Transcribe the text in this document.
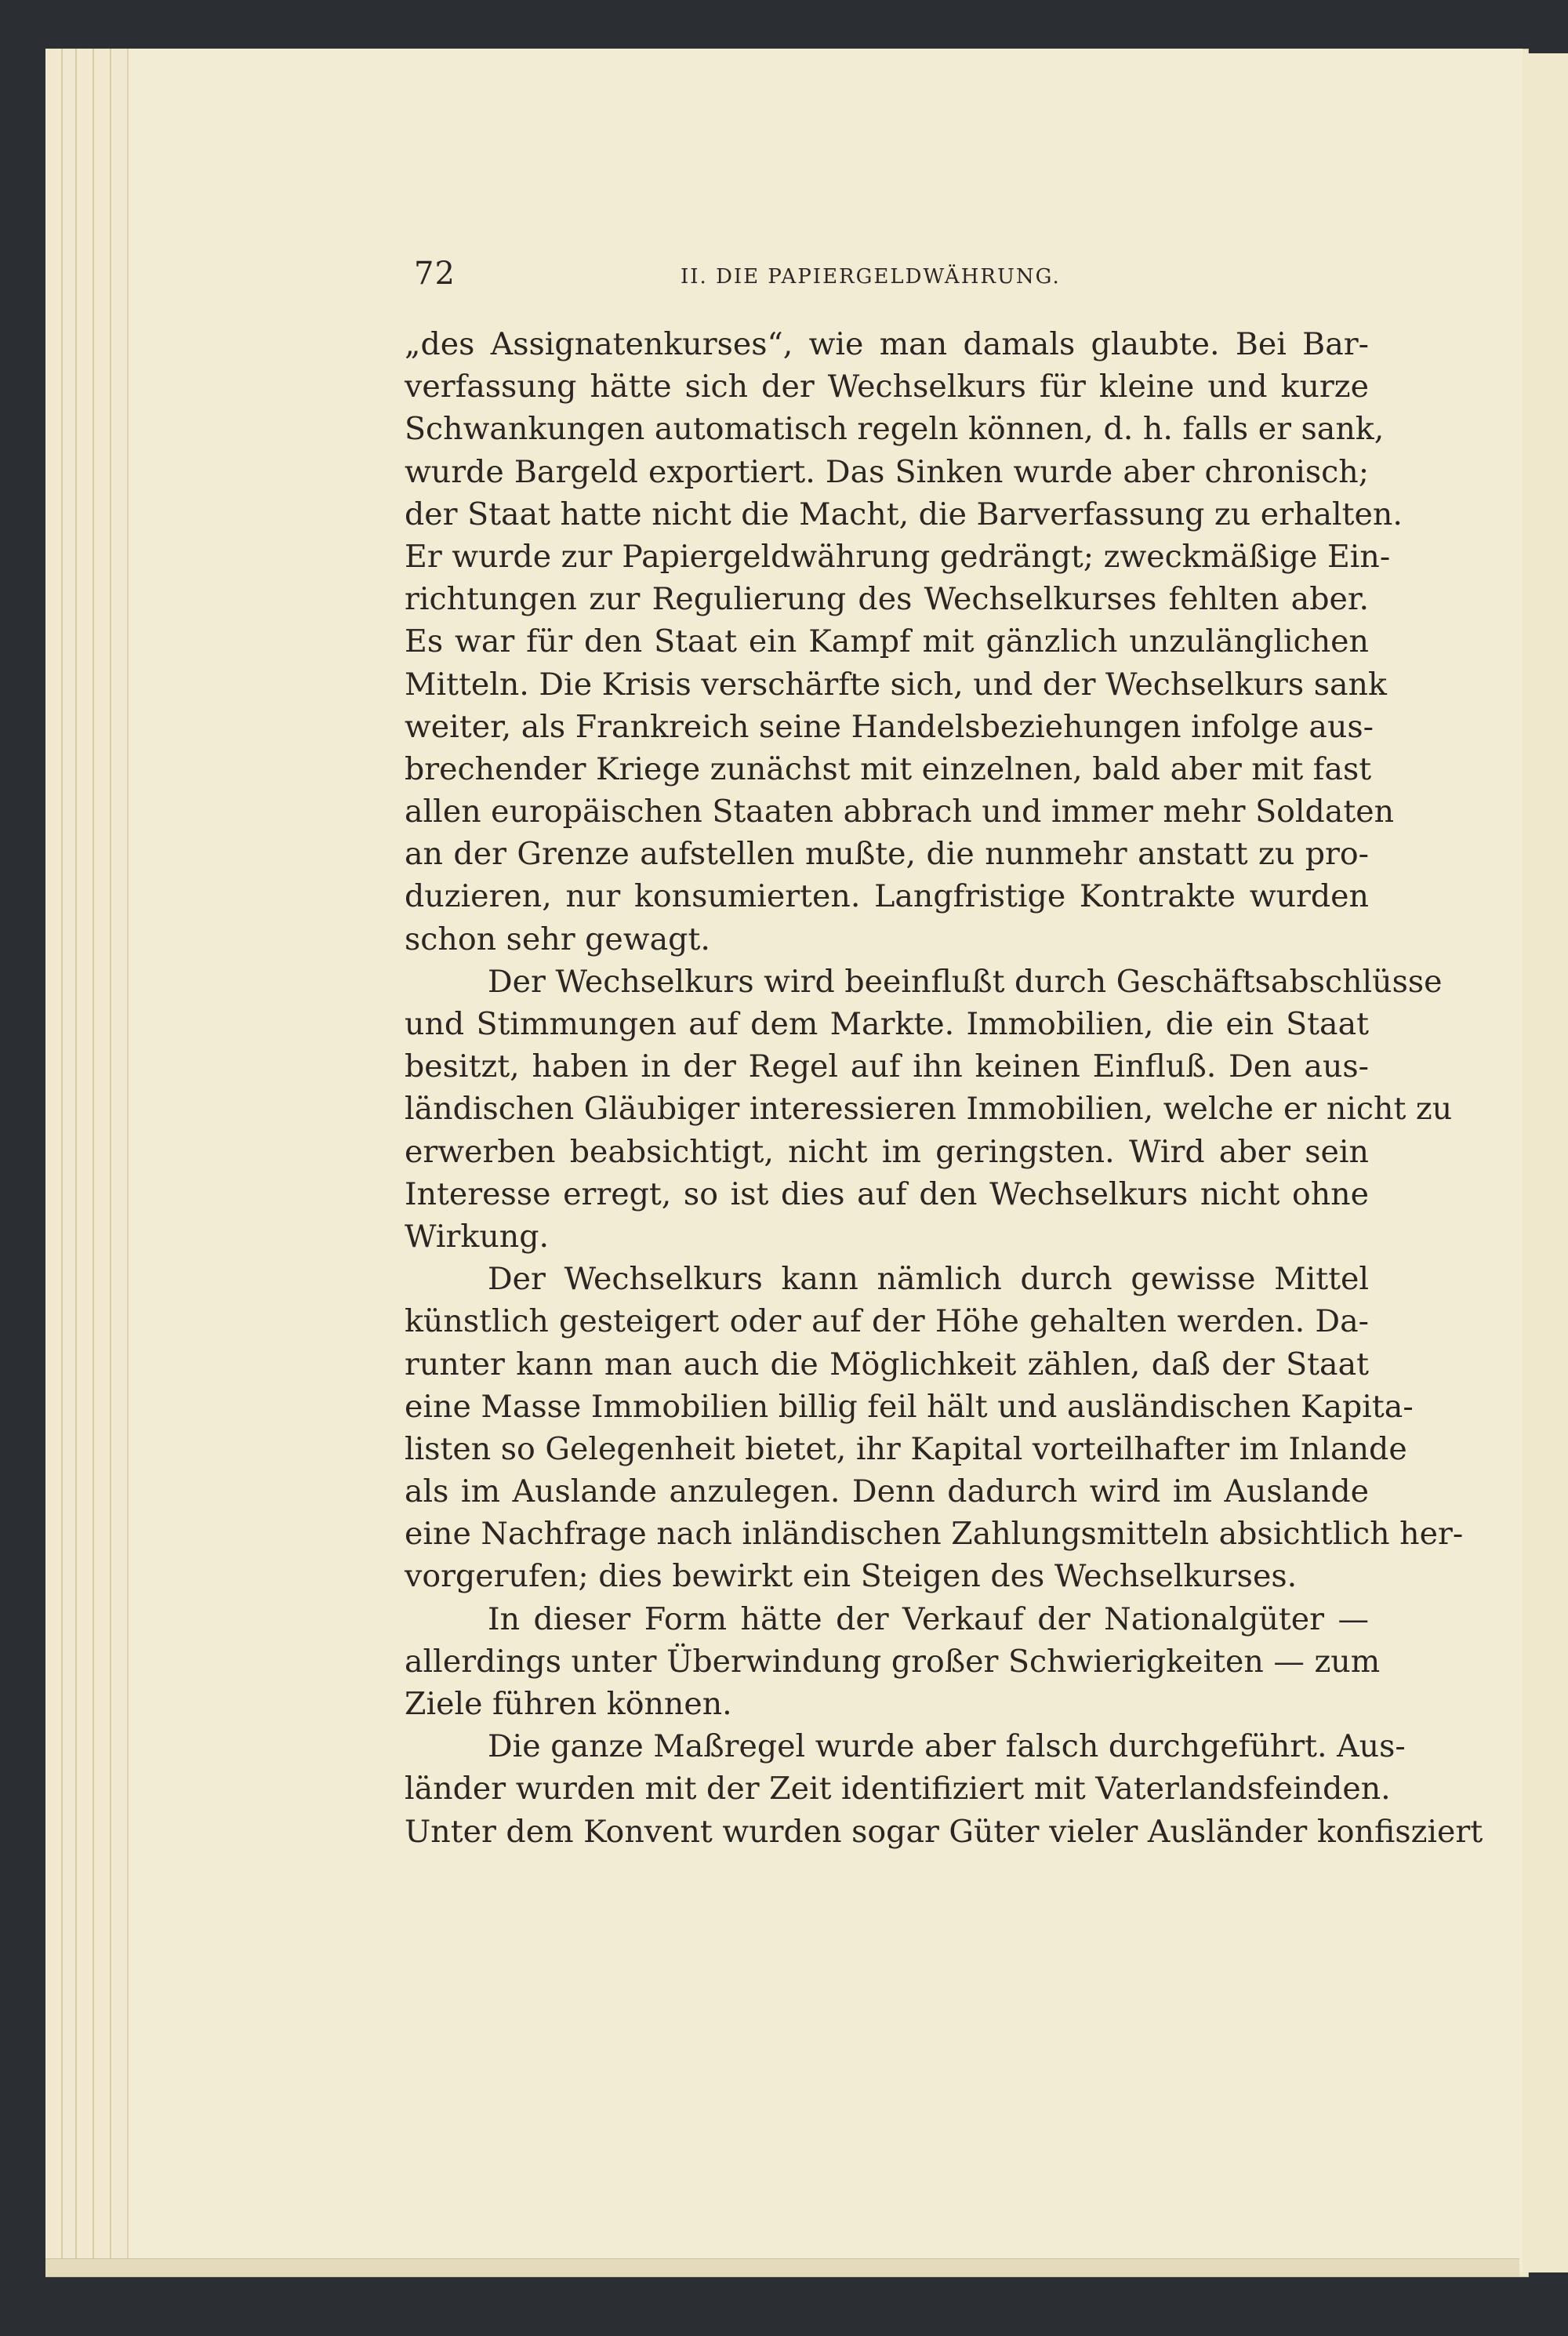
72	II. DIE PAPIERGELDWÄHRUNG.
„des Assignatenkurses“, wie man damals glaubte. Bei Bar-
verfassung hätte sich der Wechselkurs für kleine und kurze
Schwankungen automatisch regeln können, d. h. falls er sank,
wurde Bargeld exportiert. Das Sinken wurde aber chronisch;
der Staat hatte nicht die Macht, die Barverfassung zu erhalten.
Er wurde zur Papiergeldwährung gedrängt; zweckmäßige Ein-
richtungen zur Regulierung des Wechselkurses fehlten aber.
Es war für den Staat ein Kampf mit gänzlich unzulänglichen
Mitteln. Die Krisis verschärfte sich, und der Wechselkurs sank
weiter, als Frankreich seine Handelsbeziehungen infolge aus-
brechender Kriege zunächst mit einzelnen, bald aber mit fast
allen europäischen Staaten abbrach und immer mehr Soldaten
an der Grenze aufstellen mußte, die nunmehr anstatt zu pro-
duzieren, nur konsumierten. Langfristige Kontrakte wurden
schon sehr gewagt.
Der Wechselkurs wird beeinflußt durch Geschäftsabschlüsse
und Stimmungen auf dem Markte. Immobilien, die ein Staat
besitzt, haben in der Regel auf ihn keinen Einfluß. Den aus-
ländischen Gläubiger interessieren Immobilien, welche er nicht zu
erwerben beabsichtigt, nicht im geringsten. Wird aber sein
Interesse erregt, so ist dies auf den Wechselkurs nicht ohne
Wirkung.
Der Wechselkurs kann nämlich durch gewisse Mittel
künstlich gesteigert oder auf der Höhe gehalten werden. Da-
runter kann man auch die Möglichkeit zählen, daß der Staat
eine Masse Immobilien billig feil hält und ausländischen Kapita-
listen so Gelegenheit bietet, ihr Kapital vorteilhafter im Inlande
als im Auslande anzulegen. Denn dadurch wird im Auslande
eine Nachfrage nach inländischen Zahlungsmitteln absichtlich her-
vorgerufen; dies bewirkt ein Steigen des Wechselkurses.
In dieser Form hätte der Verkauf der Nationalgüter —
allerdings unter Überwindung großer Schwierigkeiten — zum
Ziele führen können.
Die ganze Maßregel wurde aber falsch durchgeführt. Aus-
länder wurden mit der Zeit identifiziert mit Vaterlandsfeinden.
Unter dem Konvent wurden sogar Güter vieler Ausländer konfisziert
